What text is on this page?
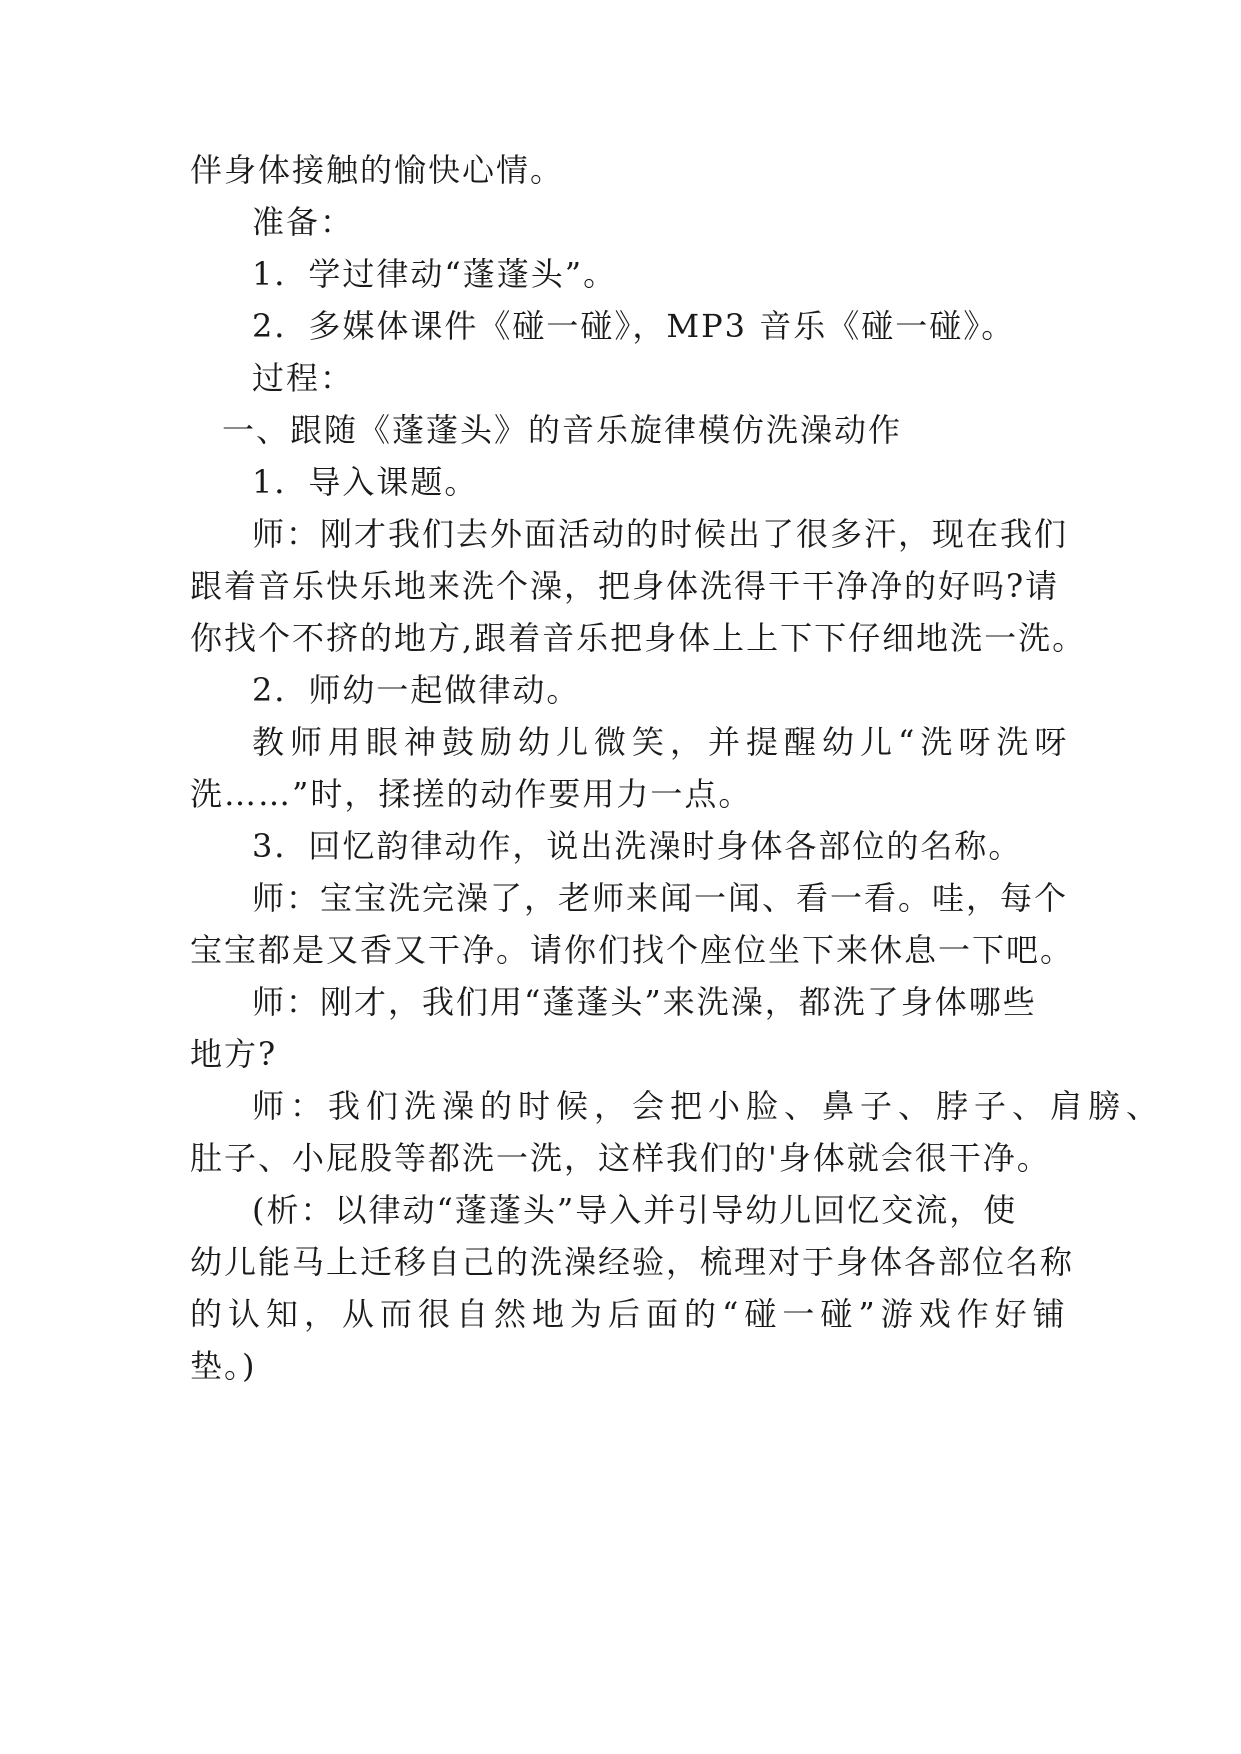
伴身体接触的愉快心情。
准备：
1．学过律动“蓬蓬头”。
2．多媒体课件《碰一碰》，MP3 音乐《碰一碰》。
过程：
一、跟随《蓬蓬头》的音乐旋律模仿洗澡动作
1．导入课题。
师：刚才我们去外面活动的时候出了很多汗，现在我们
跟着音乐快乐地来洗个澡，把身体洗得干干净净的好吗?请
你找个不挤的地方,跟着音乐把身体上上下下仔细地洗一洗。
2．师幼一起做律动。
教师用眼神鼓励幼儿微笑，并提醒幼儿“洗呀洗呀
洗……”时，揉搓的动作要用力一点。
3．回忆韵律动作，说出洗澡时身体各部位的名称。
师：宝宝洗完澡了，老师来闻一闻、看一看。哇，每个
宝宝都是又香又干净。请你们找个座位坐下来休息一下吧。
师：刚才，我们用“蓬蓬头”来洗澡，都洗了身体哪些
地方?
师：我们洗澡的时候，会把小脸、鼻子、脖子、肩膀、
肚子、小屁股等都洗一洗，这样我们的'身体就会很干净。
(析：以律动“蓬蓬头”导入并引导幼儿回忆交流，使
幼儿能马上迁移自己的洗澡经验，梳理对于身体各部位名称
的认知，从而很自然地为后面的“碰一碰”游戏作好铺
垫。)
